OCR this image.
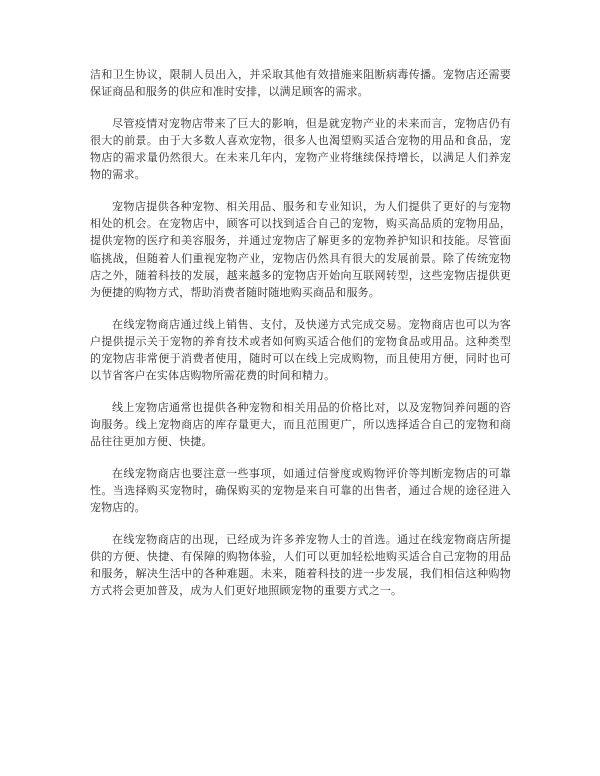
洁和卫生协议，限制人员出入，并采取其他有效措施来阻断病毒传播。宠物店还需要保证商品和服务的供应和准时安排，以满足顾客的需求。

尽管疫情对宠物店带来了巨大的影响，但是就宠物产业的未来而言，宠物店仍有很大的前景。由于大多数人喜欢宠物，很多人也渴望购买适合宠物的用品和食品，宠物店的需求量仍然很大。在未来几年内，宠物产业将继续保持增长，以满足人们养宠物的需求。

宠物店提供各种宠物、相关用品、服务和专业知识，为人们提供了更好的与宠物相处的机会。在宠物店中，顾客可以找到适合自己的宠物，购买高品质的宠物用品，提供宠物的医疗和美容服务，并通过宠物店了解更多的宠物养护知识和技能。尽管面临挑战，但随着人们重视宠物产业，宠物店仍然具有很大的发展前景。除了传统宠物店之外，随着科技的发展，越来越多的宠物店开始向互联网转型，这些宠物店提供更为便捷的购物方式，帮助消费者随时随地购买商品和服务。

在线宠物商店通过线上销售、支付，及快递方式完成交易。宠物商店也可以为客户提供提示关于宠物的养育技术或者如何购买适合他们的宠物食品或用品。这种类型的宠物店非常便于消费者使用，随时可以在线上完成购物，而且使用方便，同时也可以节省客户在实体店购物所需花费的时间和精力。

线上宠物店通常也提供各种宠物和相关用品的价格比对，以及宠物饲养问题的咨询服务。线上宠物商店的库存量更大，而且范围更广，所以选择适合自己的宠物和商品往往更加方便、快捷。

在线宠物商店也要注意一些事项，如通过信誉度或购物评价等判断宠物店的可靠性。当选择购买宠物时，确保购买的宠物是来自可靠的出售者，通过合规的途径进入宠物店的。

在线宠物商店的出现，已经成为许多养宠物人士的首选。通过在线宠物商店所提供的方便、快捷、有保障的购物体验，人们可以更加轻松地购买适合自己宠物的用品和服务，解决生活中的各种难题。未来，随着科技的进一步发展，我们相信这种购物方式将会更加普及，成为人们更好地照顾宠物的重要方式之一。
